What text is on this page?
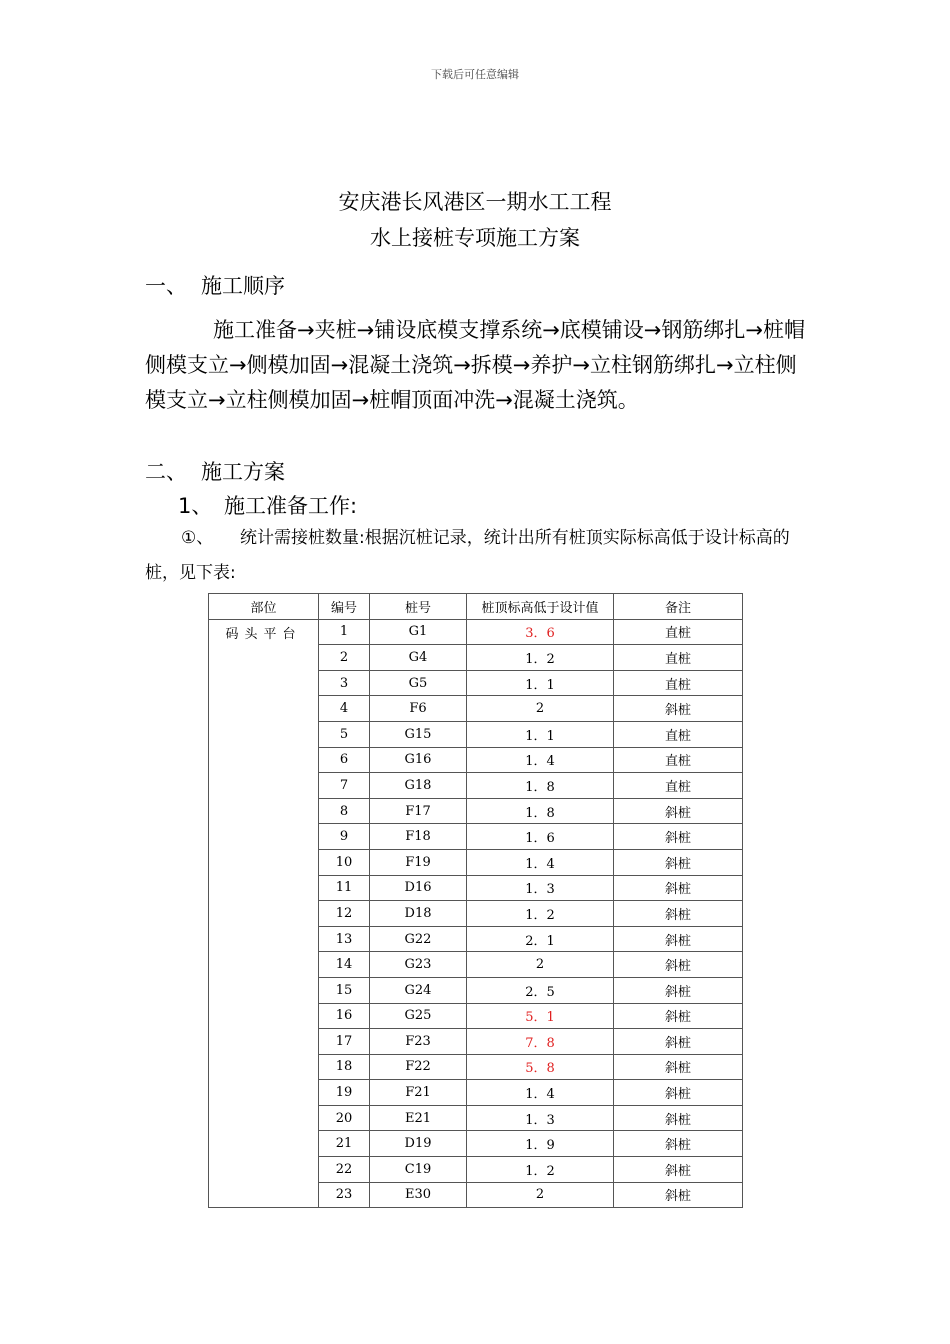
下载后可任意编辑
安庆港长风港区一期水工工程
水上接桩专项施工方案
一、 施工顺序
施工准备→夹桩→铺设底模支撑系统→底模铺设→钢筋绑扎→桩帽侧模支立→侧模加固→混凝土浇筑→拆模→养护→立柱钢筋绑扎→立柱侧模支立→立柱侧模加固→桩帽顶面冲洗→混凝土浇筑。
二、 施工方案
1、 施工准备工作:
①、 统计需接桩数量:根据沉桩记录，统计出所有桩顶实际标高低于设计标高的桩，见下表:
部位	编号	桩号	桩顶标高低于设计值	备注
码头平台	1	G1	3．6	直桩
	2	G4	1．2	直桩
	3	G5	1．1	直桩
	4	F6	2	斜桩
	5	G15	1．1	直桩
	6	G16	1．4	直桩
	7	G18	1．8	直桩
	8	F17	1．8	斜桩
	9	F18	1．6	斜桩
	10	F19	1．4	斜桩
	11	D16	1．3	斜桩
	12	D18	1．2	斜桩
	13	G22	2．1	斜桩
	14	G23	2	斜桩
	15	G24	2．5	斜桩
	16	G25	5．1	斜桩
	17	F23	7．8	斜桩
	18	F22	5．8	斜桩
	19	F21	1．4	斜桩
	20	E21	1．3	斜桩
	21	D19	1．9	斜桩
	22	C19	1．2	斜桩
	23	E30	2	斜桩
